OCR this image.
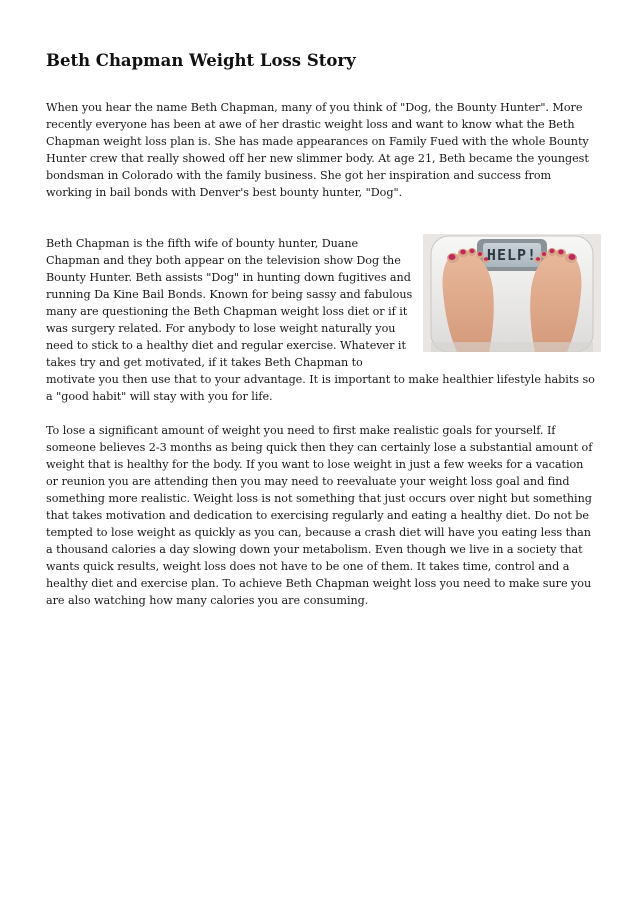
Beth Chapman Weight Loss Story

When you hear the name Beth Chapman, many of you think of "Dog, the Bounty Hunter". More recently everyone has been at awe of her drastic weight loss and want to know what the Beth Chapman weight loss plan is. She has made appearances on Family Fued with the whole Bounty Hunter crew that really showed off her new slimmer body. At age 21, Beth became the youngest bondsman in Colorado with the family business. She got her inspiration and success from working in bail bonds with Denver's best bounty hunter, "Dog".

HELP!

Beth Chapman is the fifth wife of bounty hunter, Duane Chapman and they both appear on the television show Dog the Bounty Hunter. Beth assists "Dog" in hunting down fugitives and running Da Kine Bail Bonds. Known for being sassy and fabulous many are questioning the Beth Chapman weight loss diet or if it was surgery related. For anybody to lose weight naturally you need to stick to a healthy diet and regular exercise. Whatever it takes try and get motivated, if it takes Beth Chapman to motivate you then use that to your advantage. It is important to make healthier lifestyle habits so a "good habit" will stay with you for life.

To lose a significant amount of weight you need to first make realistic goals for yourself. If someone believes 2-3 months as being quick then they can certainly lose a substantial amount of weight that is healthy for the body. If you want to lose weight in just a few weeks for a vacation or reunion you are attending then you may need to reevaluate your weight loss goal and find something more realistic. Weight loss is not something that just occurs over night but something that takes motivation and dedication to exercising regularly and eating a healthy diet. Do not be tempted to lose weight as quickly as you can, because a crash diet will have you eating less than a thousand calories a day slowing down your metabolism. Even though we live in a society that wants quick results, weight loss does not have to be one of them. It takes time, control and a healthy diet and exercise plan. To achieve Beth Chapman weight loss you need to make sure you are also watching how many calories you are consuming.
